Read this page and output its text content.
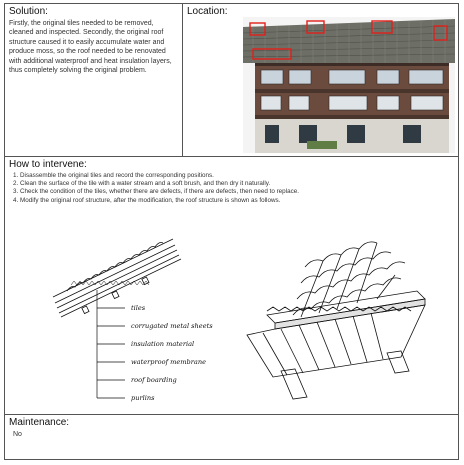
Solution:
Firstly, the original tiles needed to be removed, cleaned and inspected. Secondly, the original roof structure caused it to easily accumulate water and produce moss, so the roof needed to be renovated with additional waterproof and heat insulation layers, thus completely solving the original problem.
Location:
How to intervene:
1. Disassemble the original tiles and record the corresponding positions.
2. Clean the surface of the tile with a water stream and a soft brush, and then dry it naturally.
3. Check the condition of the tiles, whether there are defects, if there are defects, then need to replace.
4. Modify the original roof structure, after the modification, the roof structure is shown as follows.
tiles
corrugated metal sheets
insulation material
waterproof membrane
roof boarding
purlins
Maintenance:
No
